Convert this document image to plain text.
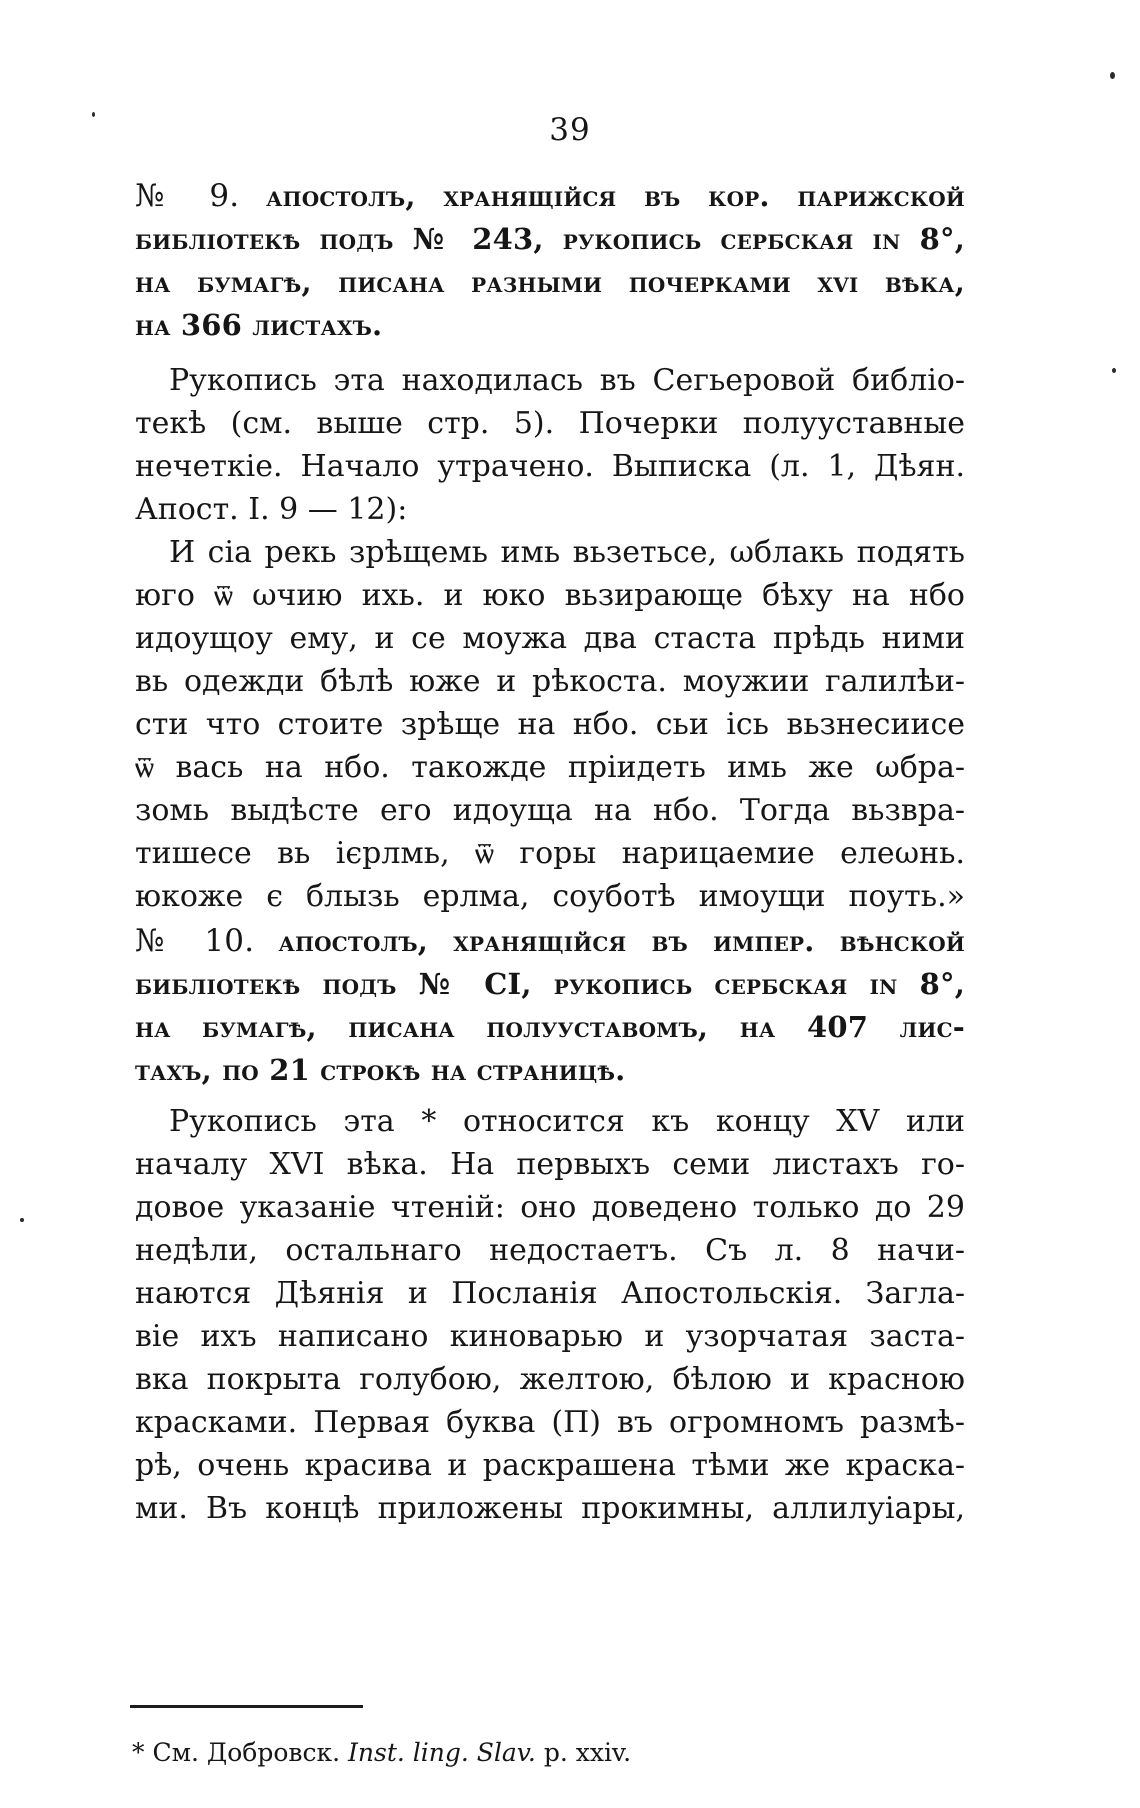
39
№ 9. апостолъ, хранящійся въ кор. парижской
библіотекѣ подъ № 243, рукопись сербская in 8°,
на бумагѣ, писана разными почерками xvi вѣка,
на 366 листахъ.
Рукопись эта находилась въ Сегьеровой библіо-
текѣ (см. выше стр. 5). Почерки полууставные
нечеткіе. Начало утрачено. Выписка (л. 1, Дѣян.
Апост. I. 9 — 12):
И сіа рекь зрѣщемь имь вьзетьсе, ωблакь подять
юго ѿ ωчию ихь. и юко вьзирающе бѣху на нбо
идоущоу ему, и се моужа два стаста прѣдь ними
вь одежди бѣлѣ юже и рѣкоста. моужии галилѣи-
сти что стоите зрѣще на нбо. сьи ісь вьзнесиисе
ѿ вась на нбо. такожде пріидеть имь же ωбра-
зомь выдѣсте его идоуща на нбо. Тогда вьзвра-
тишесе вь ієрлмь, ѿ горы нарицаемие елеωнь.
юкоже є блызь ерлма, соуботѣ имоущи поуть.»
№ 10. апостолъ, хранящійся въ импер. вѣнской
библіотекѣ подъ № CI, рукопись сербская in 8°,
на бумагѣ, писана полууставомъ, на 407 лис-
тахъ, по 21 строкѣ на страницѣ.
Рукопись эта * относится къ концу XV или
началу XVI вѣка. На первыхъ семи листахъ го-
довое указаніе чтеній: оно доведено только до 29
недѣли, остальнаго недостаетъ. Съ л. 8 начи-
наются Дѣянія и Посланія Апостольскія. Загла-
віе ихъ написано киноварью и узорчатая заста-
вка покрыта голубою, желтою, бѣлою и красною
красками. Первая буква (П) въ огромномъ размѣ-
рѣ, очень красива и раскрашена тѣми же краска-
ми. Въ концѣ приложены прокимны, аллилуіары,
* См. Добровск. Inst. ling. Slav. p. xxiv.
